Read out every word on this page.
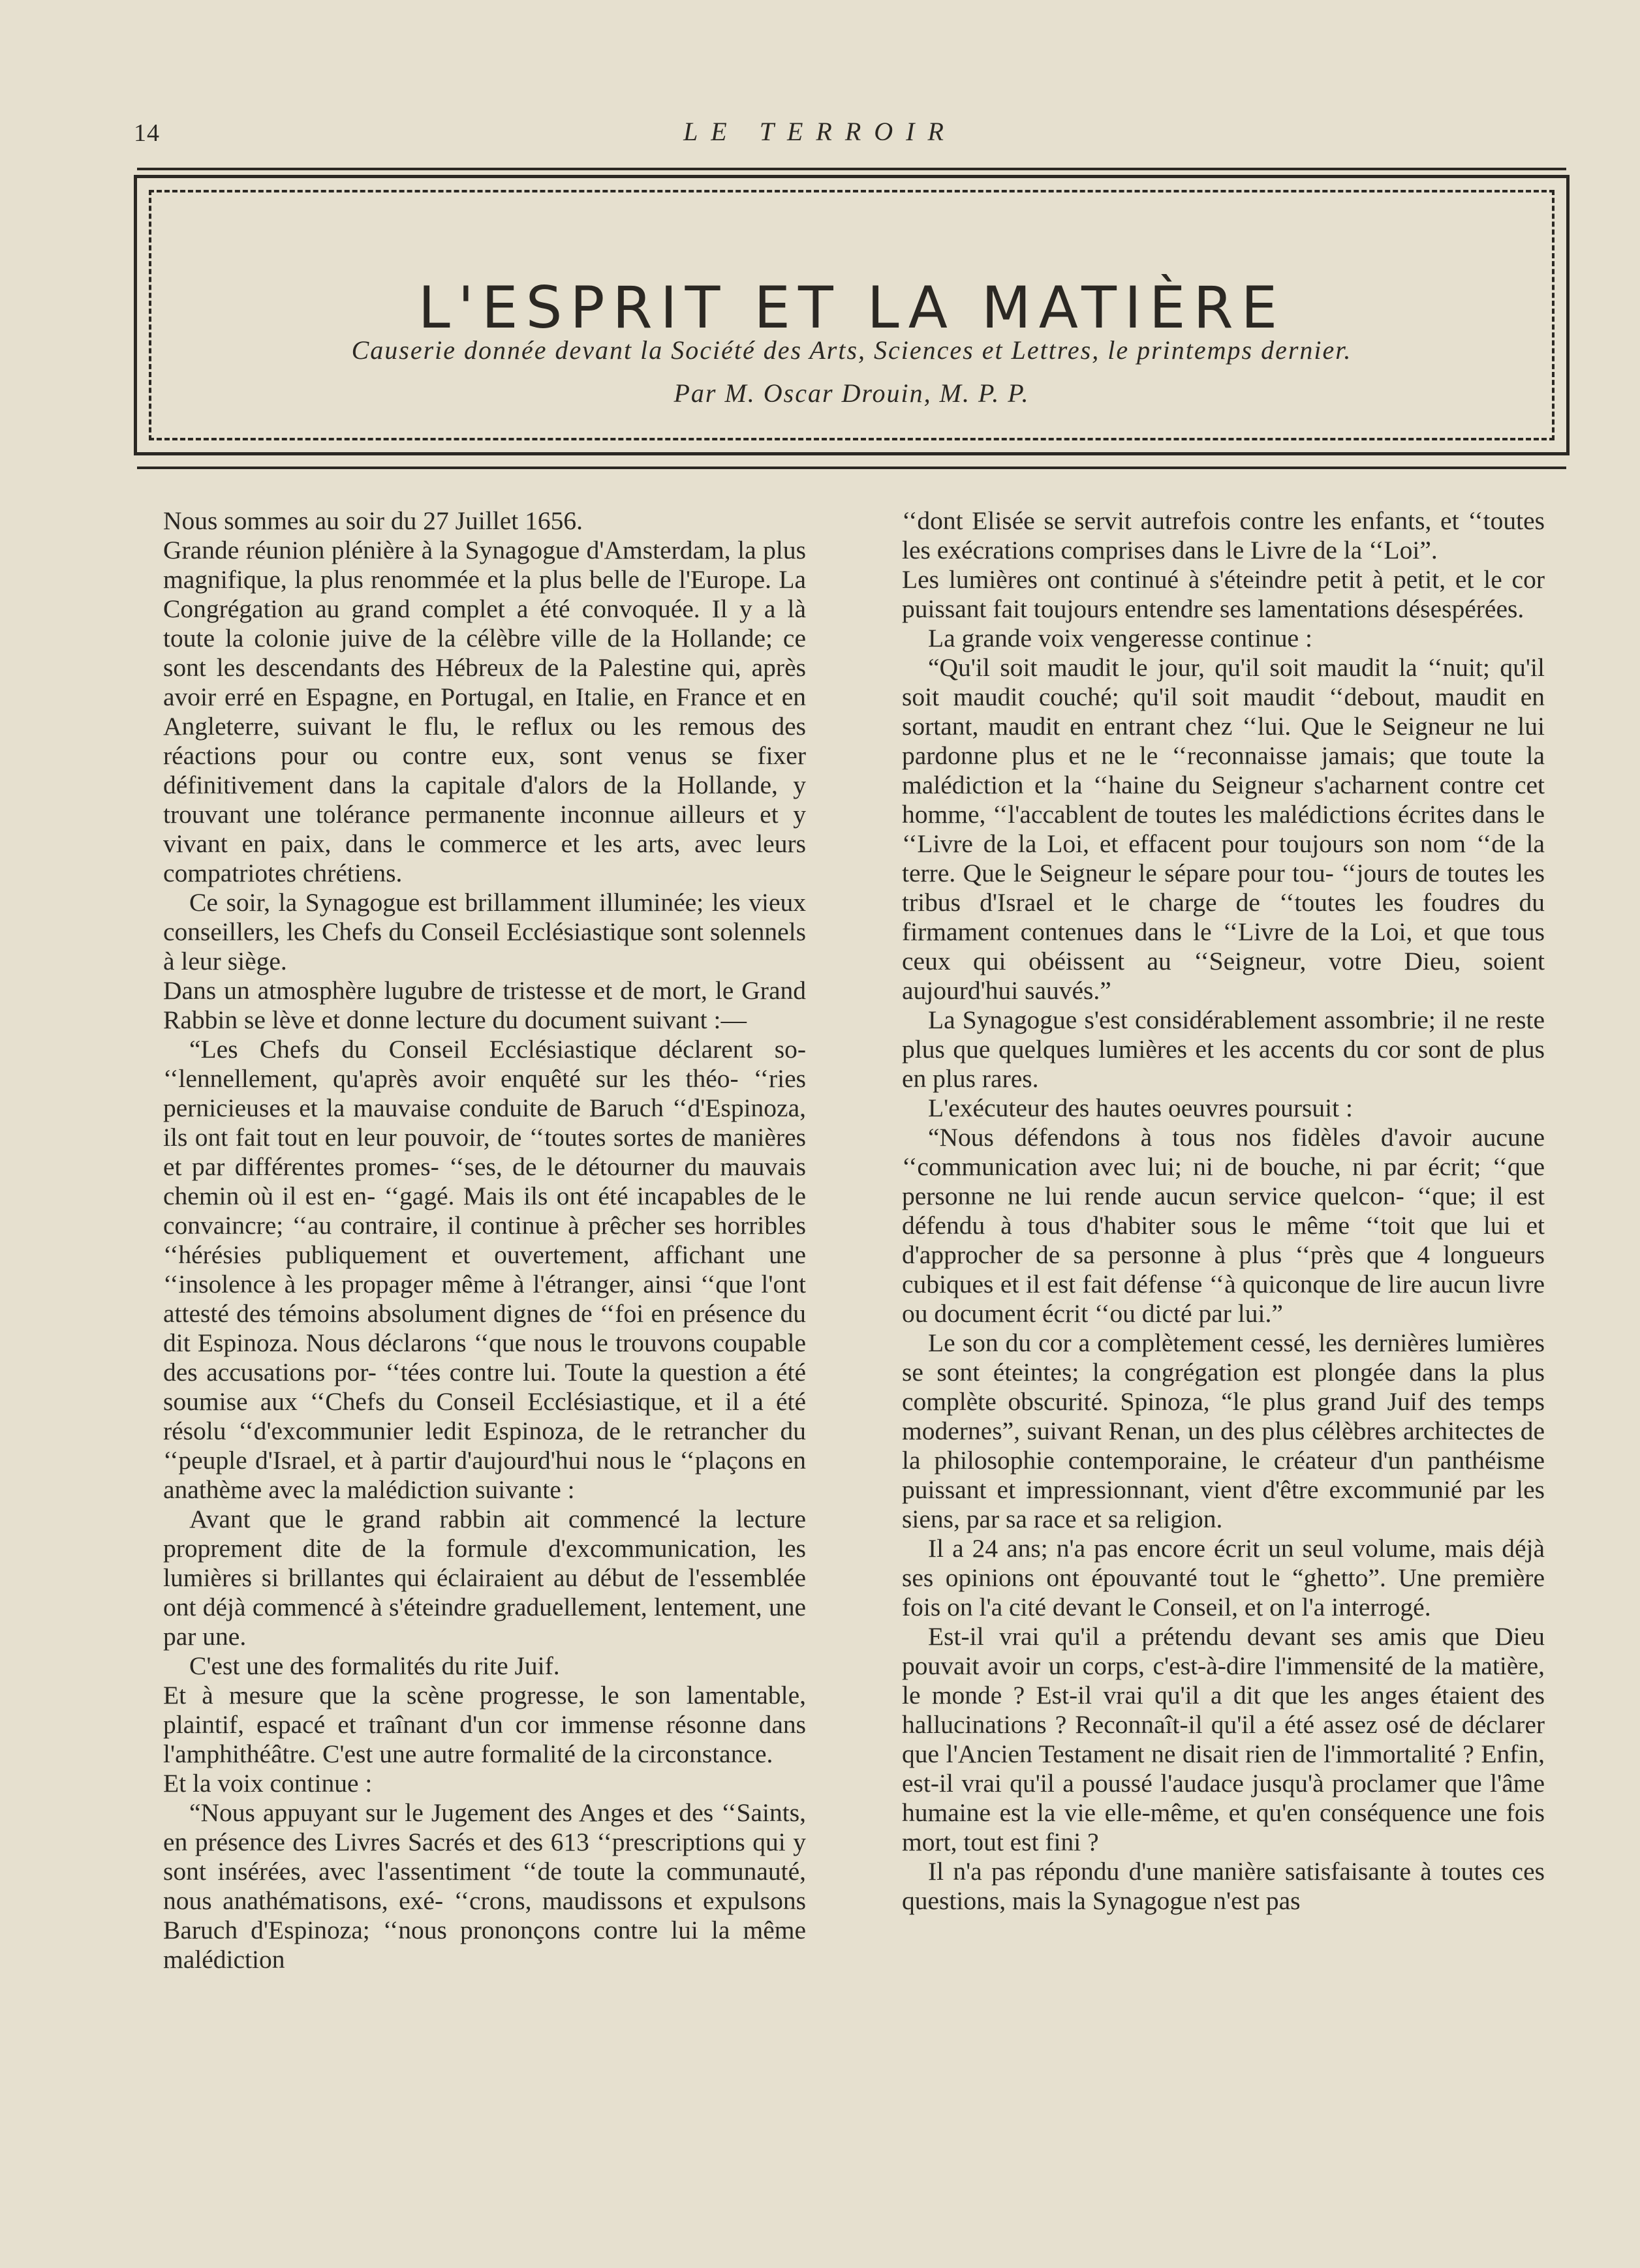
14	LE TERROIR
L'ESPRIT ET LA MATIÈRE
Causerie donnée devant la Société des Arts, Sciences et Lettres, le printemps dernier.
Par M. Oscar Drouin, M. P. P.

Nous sommes au soir du 27 Juillet 1656.

Grande réunion plénière à la Synagogue d'Amsterdam, la plus magnifique, la plus renommée et la plus belle de l'Europe. La Congrégation au grand complet a été convoquée. Il y a là toute la colonie juive de la célèbre ville de la Hollande; ce sont les descendants des Hébreux de la Palestine qui, après avoir erré en Espagne, en Portugal, en Italie, en France et en Angleterre, suivant le flu, le reflux ou les remous des réactions pour ou contre eux, sont venus se fixer définitivement dans la capitale d'alors de la Hollande, y trouvant une tolérance permanente inconnue ailleurs et y vivant en paix, dans le commerce et les arts, avec leurs compatriotes chrétiens.

Ce soir, la Synagogue est brillamment illuminée; les vieux conseillers, les Chefs du Conseil Ecclésiastique sont solennels à leur siège.

Dans un atmosphère lugubre de tristesse et de mort, le Grand Rabbin se lève et donne lecture du document suivant :—

“Les Chefs du Conseil Ecclésiastique déclarent so- ‘‘lennellement, qu'après avoir enquêté sur les théo- ‘‘ries pernicieuses et la mauvaise conduite de Baruch ‘‘d'Espinoza, ils ont fait tout en leur pouvoir, de ‘‘toutes sortes de manières et par différentes promes- ‘‘ses, de le détourner du mauvais chemin où il est en- ‘‘gagé. Mais ils ont été incapables de le convaincre; ‘‘au contraire, il continue à prêcher ses horribles ‘‘hérésies publiquement et ouvertement, affichant une ‘‘insolence à les propager même à l'étranger, ainsi ‘‘que l'ont attesté des témoins absolument dignes de ‘‘foi en présence du dit Espinoza. Nous déclarons ‘‘que nous le trouvons coupable des accusations por- ‘‘tées contre lui. Toute la question a été soumise aux ‘‘Chefs du Conseil Ecclésiastique, et il a été résolu ‘‘d'excommunier ledit Espinoza, de le retrancher du ‘‘peuple d'Israel, et à partir d'aujourd'hui nous le ‘‘plaçons en anathème avec la malédiction suivante :

Avant que le grand rabbin ait commencé la lecture proprement dite de la formule d'excommunication, les lumières si brillantes qui éclairaient au début de l'essemblée ont déjà commencé à s'éteindre graduellement, lentement, une par une.

C'est une des formalités du rite Juif.

Et à mesure que la scène progresse, le son lamentable, plaintif, espacé et traînant d'un cor immense résonne dans l'amphithéâtre. C'est une autre formalité de la circonstance.

Et la voix continue :

“Nous appuyant sur le Jugement des Anges et des ‘‘Saints, en présence des Livres Sacrés et des 613 ‘‘prescriptions qui y sont insérées, avec l'assentiment ‘‘de toute la communauté, nous anathématisons, exé- ‘‘crons, maudissons et expulsons Baruch d'Espinoza; ‘‘nous prononçons contre lui la même malédiction

‘‘dont Elisée se servit autrefois contre les enfants, et ‘‘toutes les exécrations comprises dans le Livre de la ‘‘Loi”.

Les lumières ont continué à s'éteindre petit à petit, et le cor puissant fait toujours entendre ses lamentations désespérées.

La grande voix vengeresse continue :

“Qu'il soit maudit le jour, qu'il soit maudit la ‘‘nuit; qu'il soit maudit couché; qu'il soit maudit ‘‘debout, maudit en sortant, maudit en entrant chez ‘‘lui. Que le Seigneur ne lui pardonne plus et ne le ‘‘reconnaisse jamais; que toute la malédiction et la ‘‘haine du Seigneur s'acharnent contre cet homme, ‘‘l'accablent de toutes les malédictions écrites dans le ‘‘Livre de la Loi, et effacent pour toujours son nom ‘‘de la terre. Que le Seigneur le sépare pour tou- ‘‘jours de toutes les tribus d'Israel et le charge de ‘‘toutes les foudres du firmament contenues dans le ‘‘Livre de la Loi, et que tous ceux qui obéissent au ‘‘Seigneur, votre Dieu, soient aujourd'hui sauvés.”

La Synagogue s'est considérablement assombrie; il ne reste plus que quelques lumières et les accents du cor sont de plus en plus rares.

L'exécuteur des hautes oeuvres poursuit :

“Nous défendons à tous nos fidèles d'avoir aucune ‘‘communication avec lui; ni de bouche, ni par écrit; ‘‘que personne ne lui rende aucun service quelcon- ‘‘que; il est défendu à tous d'habiter sous le même ‘‘toit que lui et d'approcher de sa personne à plus ‘‘près que 4 longueurs cubiques et il est fait défense ‘‘à quiconque de lire aucun livre ou document écrit ‘‘ou dicté par lui.”

Le son du cor a complètement cessé, les dernières lumières se sont éteintes; la congrégation est plongée dans la plus complète obscurité. Spinoza, “le plus grand Juif des temps modernes”, suivant Renan, un des plus célèbres architectes de la philosophie contemporaine, le créateur d'un panthéisme puissant et impressionnant, vient d'être excommunié par les siens, par sa race et sa religion.

Il a 24 ans; n'a pas encore écrit un seul volume, mais déjà ses opinions ont épouvanté tout le “ghetto”. Une première fois on l'a cité devant le Conseil, et on l'a interrogé.

Est-il vrai qu'il a prétendu devant ses amis que Dieu pouvait avoir un corps, c'est-à-dire l'immensité de la matière, le monde ? Est-il vrai qu'il a dit que les anges étaient des hallucinations ? Reconnaît-il qu'il a été assez osé de déclarer que l'Ancien Testament ne disait rien de l'immortalité ? Enfin, est-il vrai qu'il a poussé l'audace jusqu'à proclamer que l'âme humaine est la vie elle-même, et qu'en conséquence une fois mort, tout est fini ?

Il n'a pas répondu d'une manière satisfaisante à toutes ces questions, mais la Synagogue n'est pas
